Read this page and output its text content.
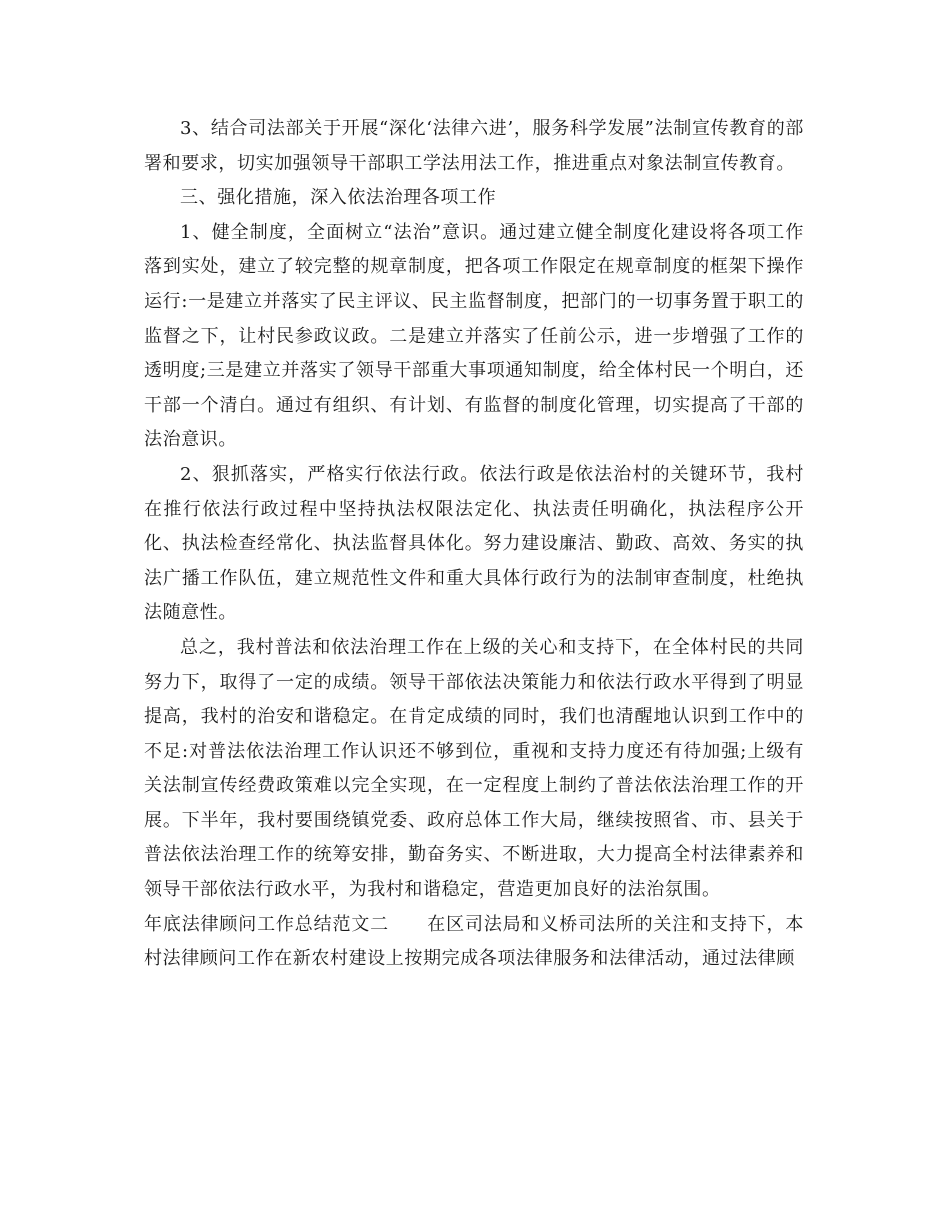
3、结合司法部关于开展“深化‘法律六进’，服务科学发展”法制宣传教育的部署和要求，切实加强领导干部职工学法用法工作，推进重点对象法制宣传教育。

三、强化措施，深入依法治理各项工作

1、健全制度，全面树立“法治”意识。通过建立健全制度化建设将各项工作落到实处，建立了较完整的规章制度，把各项工作限定在规章制度的框架下操作运行:一是建立并落实了民主评议、民主监督制度，把部门的一切事务置于职工的监督之下，让村民参政议政。二是建立并落实了任前公示，进一步增强了工作的透明度;三是建立并落实了领导干部重大事项通知制度，给全体村民一个明白，还干部一个清白。通过有组织、有计划、有监督的制度化管理，切实提高了干部的法治意识。

2、狠抓落实，严格实行依法行政。依法行政是依法治村的关键环节，我村在推行依法行政过程中坚持执法权限法定化、执法责任明确化，执法程序公开化、执法检查经常化、执法监督具体化。努力建设廉洁、勤政、高效、务实的执法广播工作队伍，建立规范性文件和重大具体行政行为的法制审查制度，杜绝执法随意性。

总之，我村普法和依法治理工作在上级的关心和支持下，在全体村民的共同努力下，取得了一定的成绩。领导干部依法决策能力和依法行政水平得到了明显提高，我村的治安和谐稳定。在肯定成绩的同时，我们也清醒地认识到工作中的不足:对普法依法治理工作认识还不够到位，重视和支持力度还有待加强;上级有关法制宣传经费政策难以完全实现，在一定程度上制约了普法依法治理工作的开展。下半年，我村要围绕镇党委、政府总体工作大局，继续按照省、市、县关于普法依法治理工作的统筹安排，勤奋务实、不断进取，大力提高全村法律素养和领导干部依法行政水平，为我村和谐稳定，营造更加良好的法治氛围。

年底法律顾问工作总结范文二 在区司法局和义桥司法所的关注和支持下，本村法律顾问工作在新农村建设上按期完成各项法律服务和法律活动，通过法律顾
